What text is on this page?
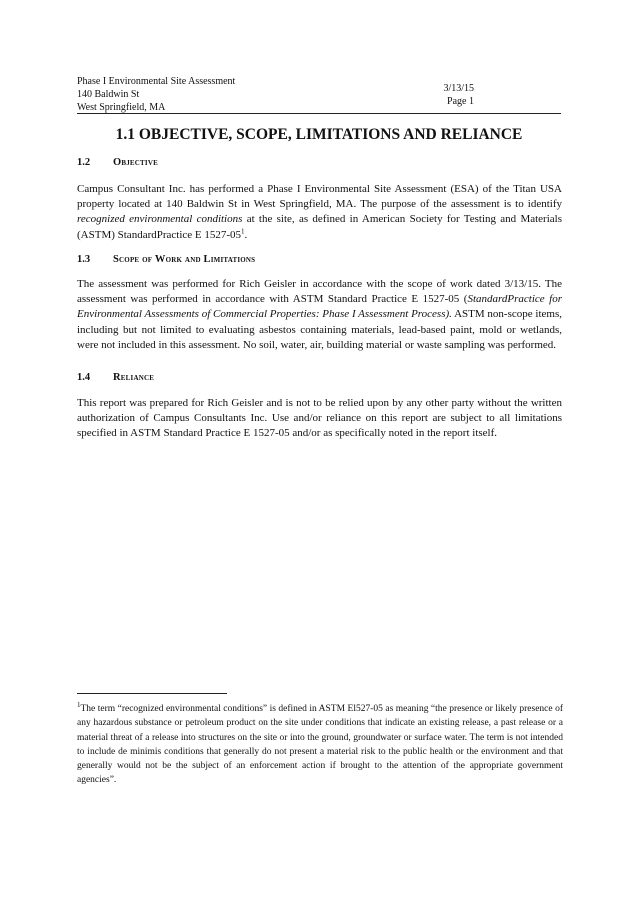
Phase I Environmental Site Assessment
140 Baldwin St
West Springfield, MA
3/13/15
Page 1
1.1 OBJECTIVE, SCOPE, LIMITATIONS AND RELIANCE
1.2 Objective
Campus Consultant Inc. has performed a Phase I Environmental Site Assessment (ESA) of the Titan USA property located at 140 Baldwin St in West Springfield, MA. The purpose of the assessment is to identify recognized environmental conditions at the site, as defined in American Society for Testing and Materials (ASTM) StandardPractice E $1527-05^1$.
1.3 Scope of Work and Limitations
The assessment was performed for Rich Geisler in accordance with the scope of work dated 3/13/15. The assessment was performed in accordance with ASTM Standard Practice E 1527-05 (StandardPractice for Environmental Assessments of Commercial Properties: Phase I Assessment Process). ASTM non-scope items, including but not limited to evaluating asbestos containing materials, lead-based paint, mold or wetlands, were not included in this assessment. No soil, water, air, building material or waste sampling was performed.
1.4 Reliance
This report was prepared for Rich Geisler and is not to be relied upon by any other party without the written authorization of Campus Consultants Inc. Use and/or reliance on this report are subject to all limitations specified in ASTM Standard Practice E 1527-05 and/or as specifically noted in the report itself.
$^1$The term “recognized environmental conditions” is defined in ASTM El527-05 as meaning “the presence or likely presence of any hazardous substance or petroleum product on the site under conditions that indicate an existing release, a past release or a material threat of a release into structures on the site or into the ground, groundwater or surface water. The term is not intended to include de minimis conditions that generally do not present a material risk to the public health or the environment and that generally would not be the subject of an enforcement action if brought to the attention of the appropriate government agencies”.
